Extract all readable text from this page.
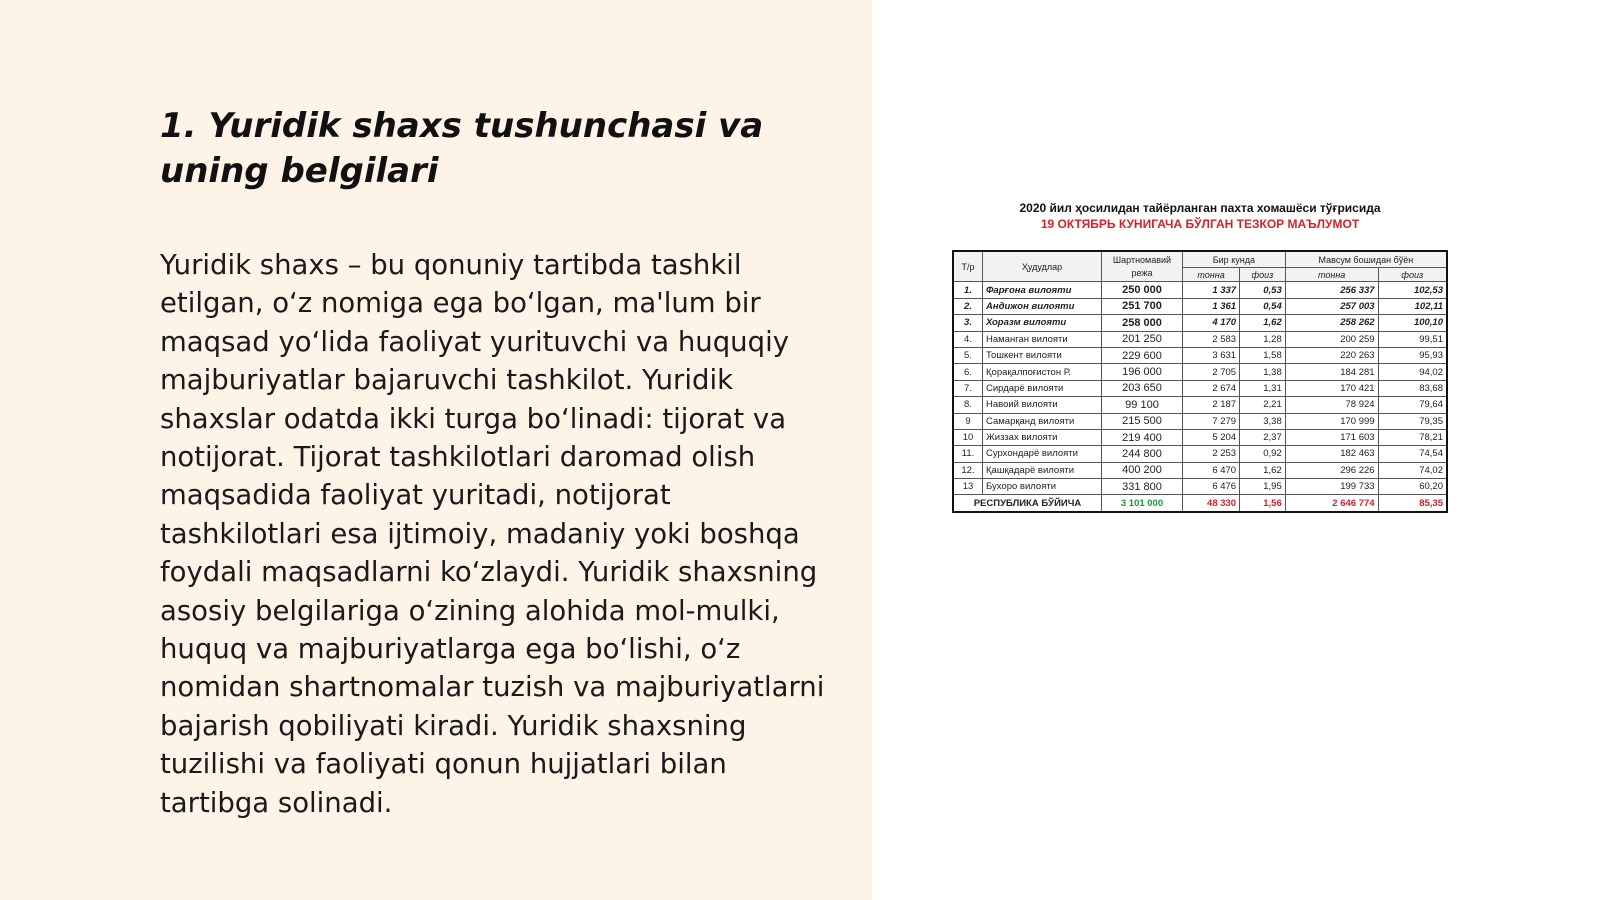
1. Yuridik shaxs tushunchasi va uning belgilari

Yuridik shaxs – bu qonuniy tartibda tashkil etilgan, o‘z nomiga ega bo‘lgan, ma'lum bir maqsad yo‘lida faoliyat yurituvchi va huquqiy majburiyatlar bajaruvchi tashkilot. Yuridik shaxslar odatda ikki turga bo‘linadi: tijorat va notijorat. Tijorat tashkilotlari daromad olish maqsadida faoliyat yuritadi, notijorat tashkilotlari esa ijtimoiy, madaniy yoki boshqa foydali maqsadlarni ko‘zlaydi. Yuridik shaxsning asosiy belgilariga o‘zining alohida mol-mulki, huquq va majburiyatlarga ega bo‘lishi, o‘z nomidan shartnomalar tuzish va majburiyatlarni bajarish qobiliyati kiradi. Yuridik shaxsning tuzilishi va faoliyati qonun hujjatlari bilan tartibga solinadi.

2020 йил ҳосилидан тайёрланган пахта хомашёси тўғрисида
19 ОКТЯБРЬ КУНИГАЧА БЎЛГАН ТЕЗКОР МАЪЛУМОТ
Т/р	Ҳудудлар	Шартномавий режа	Бир кунда		Мавсум бошидан бўён	
			тонна	фоиз	тонна	фоиз
1.	Фарғона вилояти	250 000	1 337	0,53	256 337	102,53
2.	Андижон вилояти	251 700	1 361	0,54	257 003	102,11
3.	Хоразм вилояти	258 000	4 170	1,62	258 262	100,10
4.	Наманган вилояти	201 250	2 583	1,28	200 259	99,51
5.	Тошкент вилояти	229 600	3 631	1,58	220 263	95,93
6.	Қорақалпоғистон Р.	196 000	2 705	1,38	184 281	94,02
7.	Сирдарё вилояти	203 650	2 674	1,31	170 421	83,68
8.	Навоий вилояти	99 100	2 187	2,21	78 924	79,64
9	Самарқанд вилояти	215 500	7 279	3,38	170 999	79,35
10	Жиззах вилояти	219 400	5 204	2,37	171 603	78,21
11.	Сурхондарё вилояти	244 800	2 253	0,92	182 463	74,54
12.	Қашқадарё вилояти	400 200	6 470	1,62	296 226	74,02
13	Бухоро вилояти	331 800	6 476	1,95	199 733	60,20
РЕСПУБЛИКА БЎЙИЧА		3 101 000	48 330	1,56	2 646 774	85,35
